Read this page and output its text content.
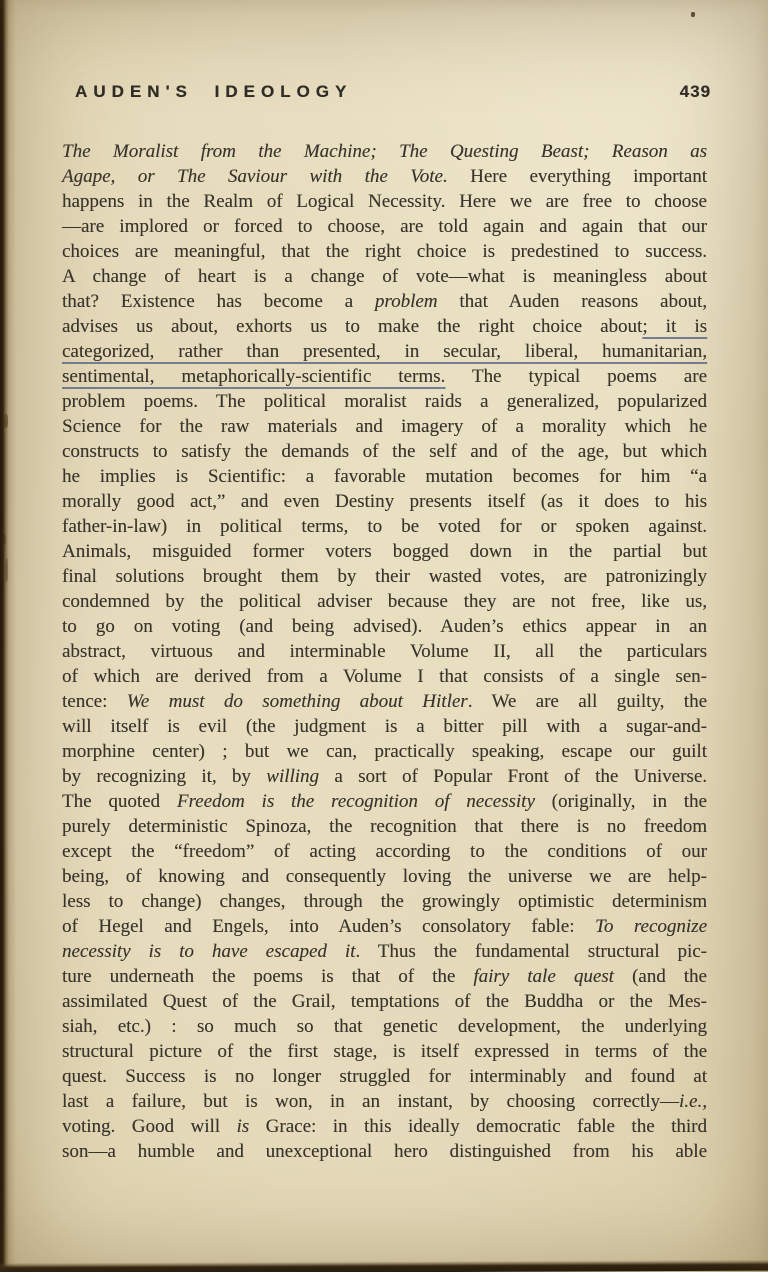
AUDEN'S IDEOLOGY	439
The Moralist from the Machine; The Questing Beast; Reason as
Agape, or The Saviour with the Vote. Here everything important
happens in the Realm of Logical Necessity. Here we are free to choose
—are implored or forced to choose, are told again and again that our
choices are meaningful, that the right choice is predestined to success.
A change of heart is a change of vote—what is meaningless about
that? Existence has become a problem that Auden reasons about,
advises us about, exhorts us to make the right choice about; it is
categorized, rather than presented, in secular, liberal, humanitarian,
sentimental, metaphorically-scientific terms. The typical poems are
problem poems. The political moralist raids a generalized, popularized
Science for the raw materials and imagery of a morality which he
constructs to satisfy the demands of the self and of the age, but which
he implies is Scientific: a favorable mutation becomes for him “a
morally good act,” and even Destiny presents itself (as it does to his
father-in-law) in political terms, to be voted for or spoken against.
Animals, misguided former voters bogged down in the partial but
final solutions brought them by their wasted votes, are patronizingly
condemned by the political adviser because they are not free, like us,
to go on voting (and being advised). Auden’s ethics appear in an
abstract, virtuous and interminable Volume II, all the particulars
of which are derived from a Volume I that consists of a single sen-
tence: We must do something about Hitler. We are all guilty, the
will itself is evil (the judgment is a bitter pill with a sugar-and-
morphine center) ; but we can, practically speaking, escape our guilt
by recognizing it, by willing a sort of Popular Front of the Universe.
The quoted Freedom is the recognition of necessity (originally, in the
purely deterministic Spinoza, the recognition that there is no freedom
except the “freedom” of acting according to the conditions of our
being, of knowing and consequently loving the universe we are help-
less to change) changes, through the growingly optimistic determinism
of Hegel and Engels, into Auden’s consolatory fable: To recognize
necessity is to have escaped it. Thus the fundamental structural pic-
ture underneath the poems is that of the fairy tale quest (and the
assimilated Quest of the Grail, temptations of the Buddha or the Mes-
siah, etc.) : so much so that genetic development, the underlying
structural picture of the first stage, is itself expressed in terms of the
quest. Success is no longer struggled for interminably and found at
last a failure, but is won, in an instant, by choosing correctly—i.e.,
voting. Good will is Grace: in this ideally democratic fable the third
son—a humble and unexceptional hero distinguished from his able
